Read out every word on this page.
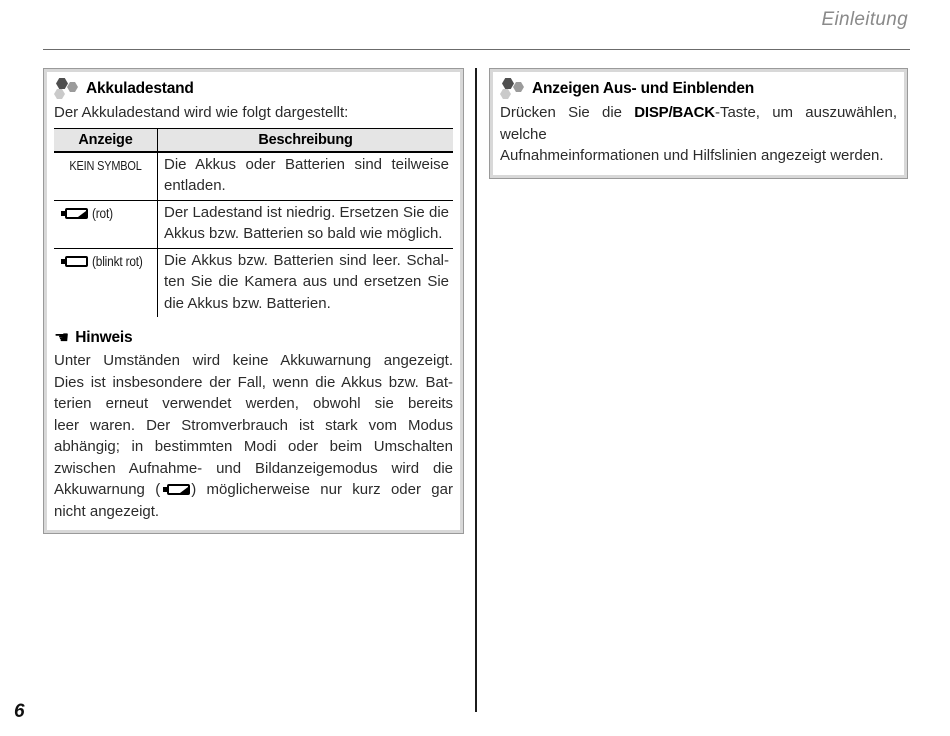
Einleitung
Akkuladestand
Der Akkuladestand wird wie folgt dargestellt:
Anzeige	Beschreibung

KEIN SYMBOL	Die Akkus oder Batterien sind teilweise
entladen.

(rot)	Der Ladestand ist niedrig. Ersetzen Sie die
Akkus bzw. Batterien so bald wie möglich.

(blinkt rot)	Die Akkus bzw. Batterien sind leer. Schal-
ten Sie die Kamera aus und ersetzen Sie
die Akkus bzw. Batterien.
☚ Hinweis
Unter Umständen wird keine Akkuwarnung angezeigt.
Dies ist insbesondere der Fall, wenn die Akkus bzw. Bat-
terien erneut verwendet werden, obwohl sie bereits
leer waren. Der Stromverbrauch ist stark vom Modus
abhängig; in bestimmten Modi oder beim Umschalten
zwischen Aufnahme- und Bildanzeigemodus wird die
Akkuwarnung ( ) möglicherweise nur kurz oder gar
nicht angezeigt.
Anzeigen Aus- und Einblenden
Drücken Sie die DISP/BACK-Taste, um auszuwählen, welche
Aufnahmeinformationen und Hilfslinien angezeigt werden.
6
